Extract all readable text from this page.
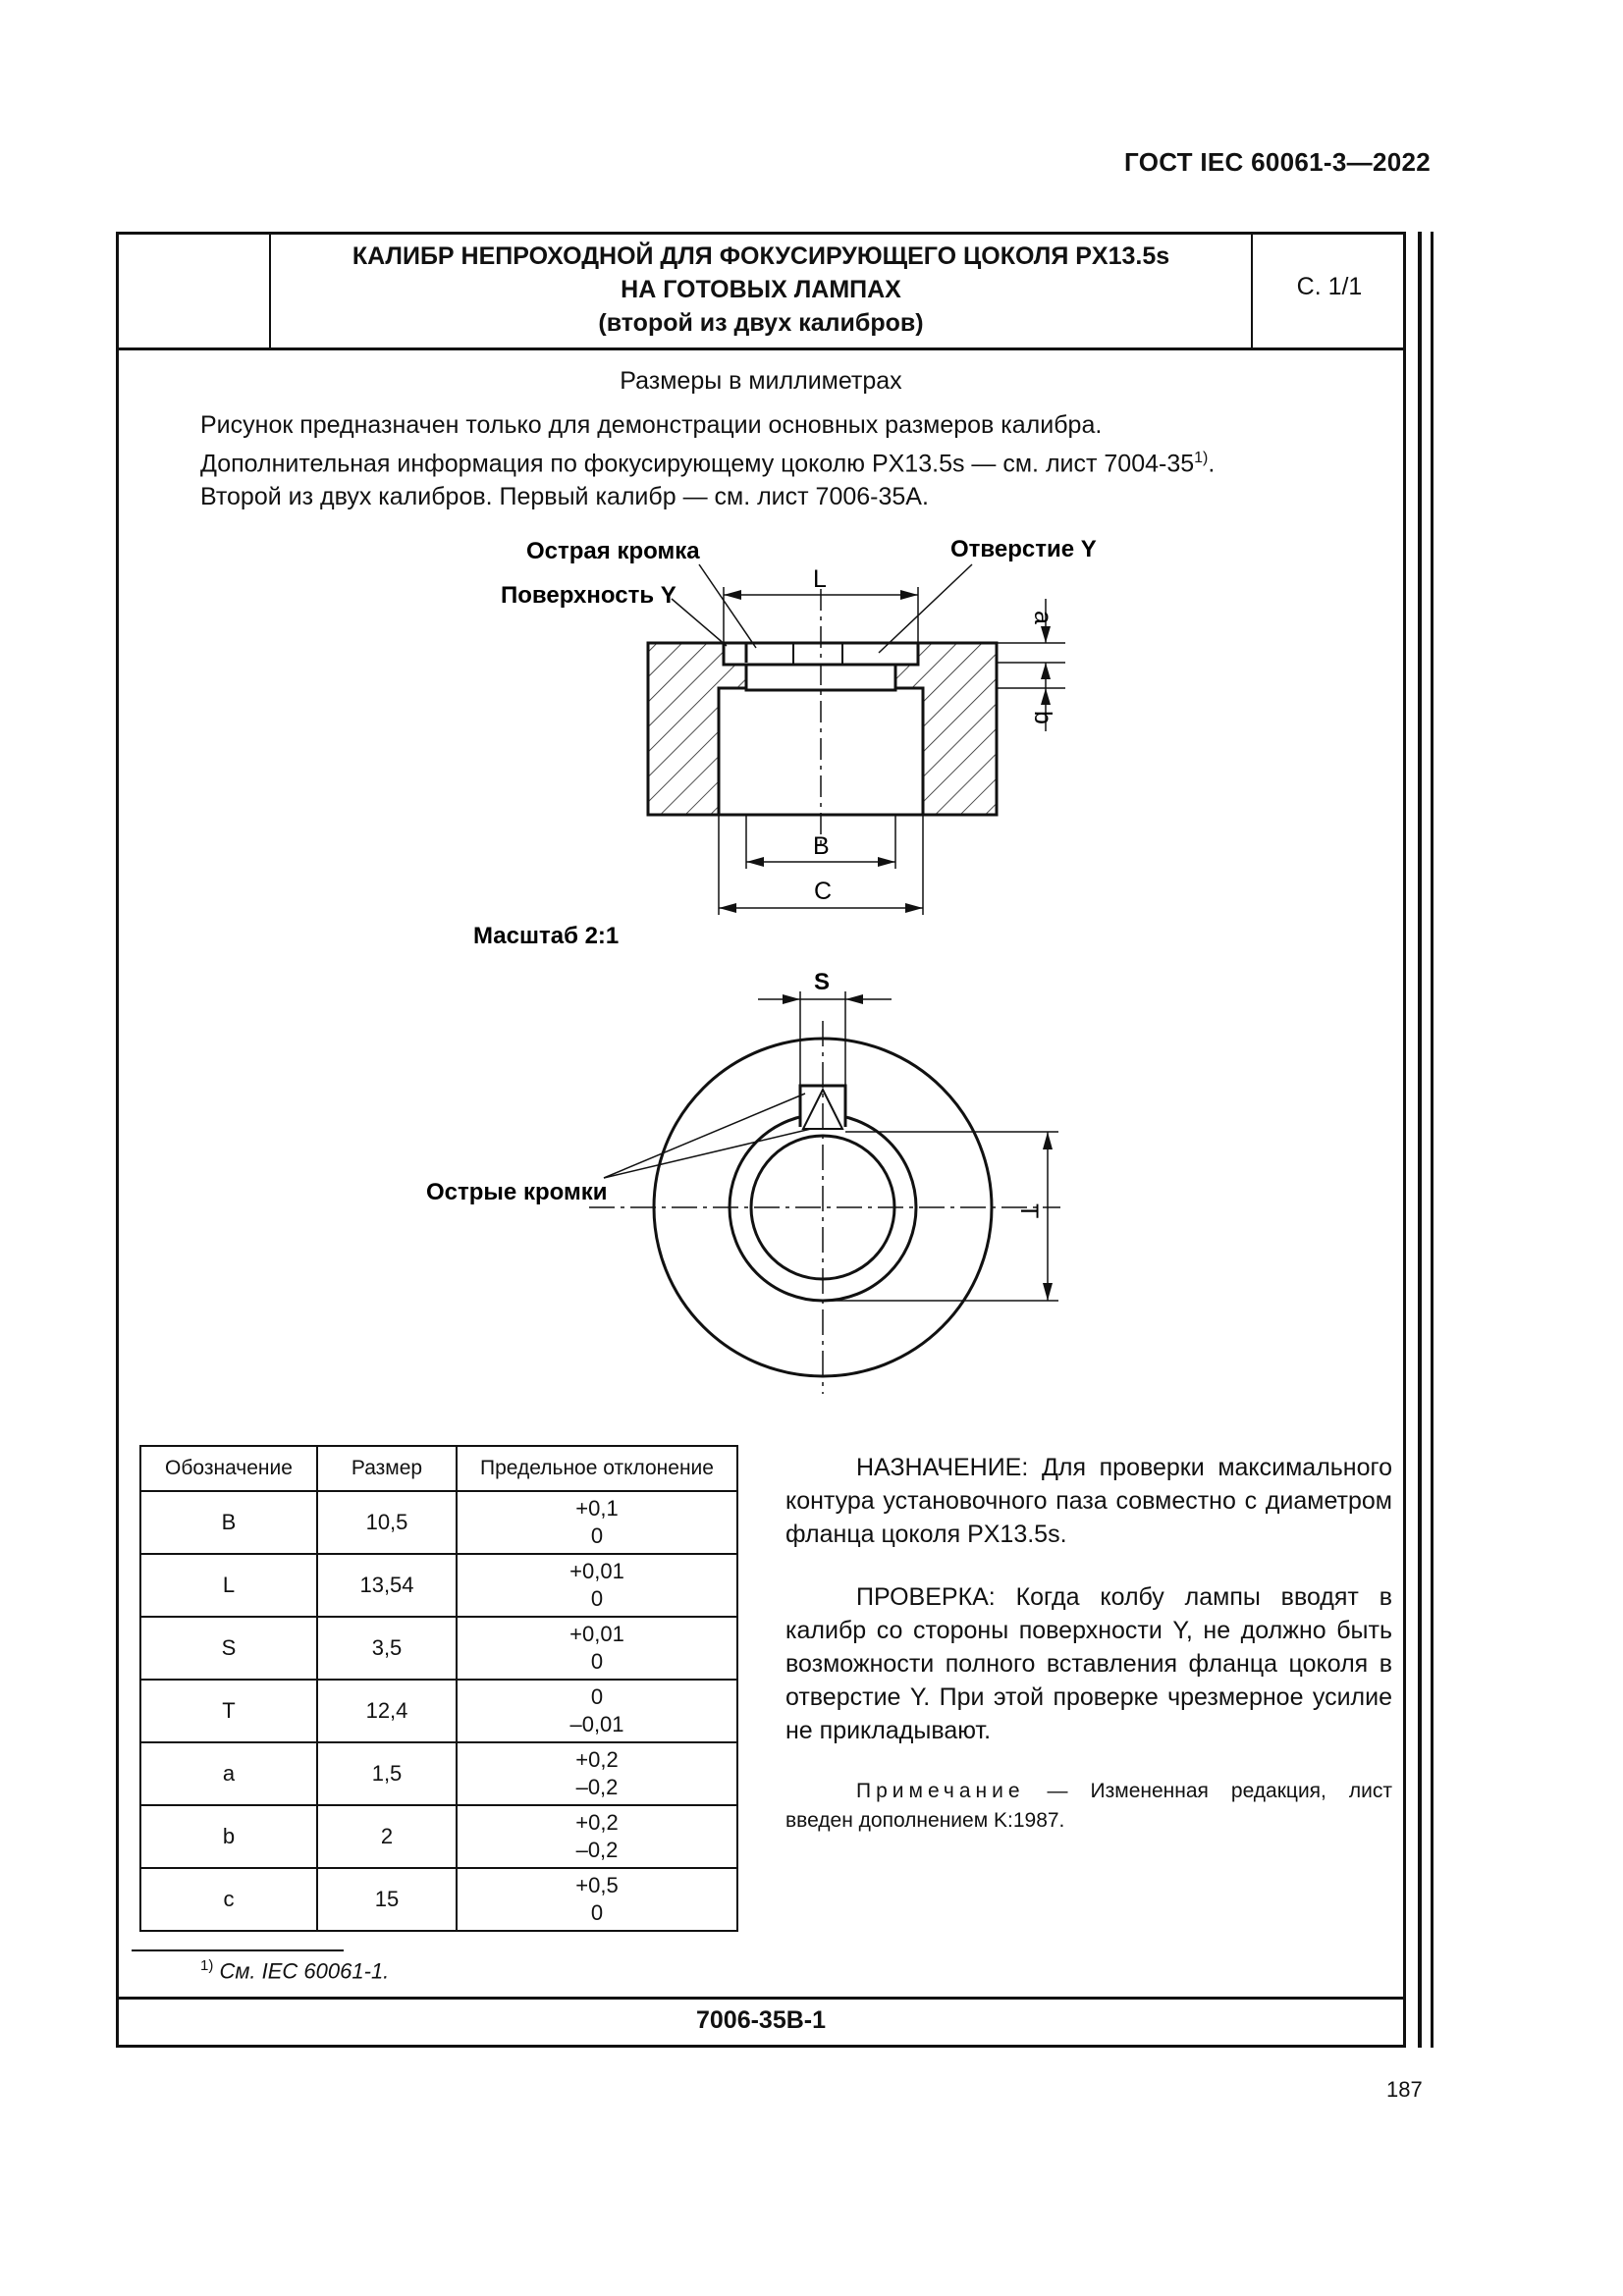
ГОСТ IEC 60061-3—2022
КАЛИБР НЕПРОХОДНОЙ ДЛЯ ФОКУСИРУЮЩЕГО ЦОКОЛЯ PX13.5s
НА ГОТОВЫХ ЛАМПАХ
(второй из двух калибров)
С. 1/1
Размеры в миллиметрах
Рисунок предназначен только для демонстрации основных размеров калибра.
Дополнительная информация по фокусирующему цоколю PX13.5s — см. лист 7004-35$^{1)}$.
Второй из двух калибров. Первый калибр — см. лист 7006-35A.
Острая кромка
Поверхность Y
Отверстие Y
L
B
C
a
b
Масштаб 2:1
S
T
Острые кромки
Обозначение	Размер	Предельное отклонение
B	10,5	+0,1
0

L	13,54	+0,01
0

S	3,5	+0,01
0

T	12,4	0
–0,01

a	1,5	+0,2
–0,2

b	2	+0,2
–0,2

c	15	+0,5
0

НАЗНАЧЕНИЕ: Для проверки максимального контура установочного паза совместно с диаметром фланца цоколя PX13.5s.

ПРОВЕРКА: Когда колбу лампы вводят в калибр со стороны поверхности Y, не должно быть возможности полного вставления фланца цоколя в отверстие Y. При этой проверке чрезмерное усилие не прикладывают.

Примечание — Измененная редакция, лист введен дополнением K:1987.
$^{1)}$ См. IEC 60061-1.
7006-35B-1
187
